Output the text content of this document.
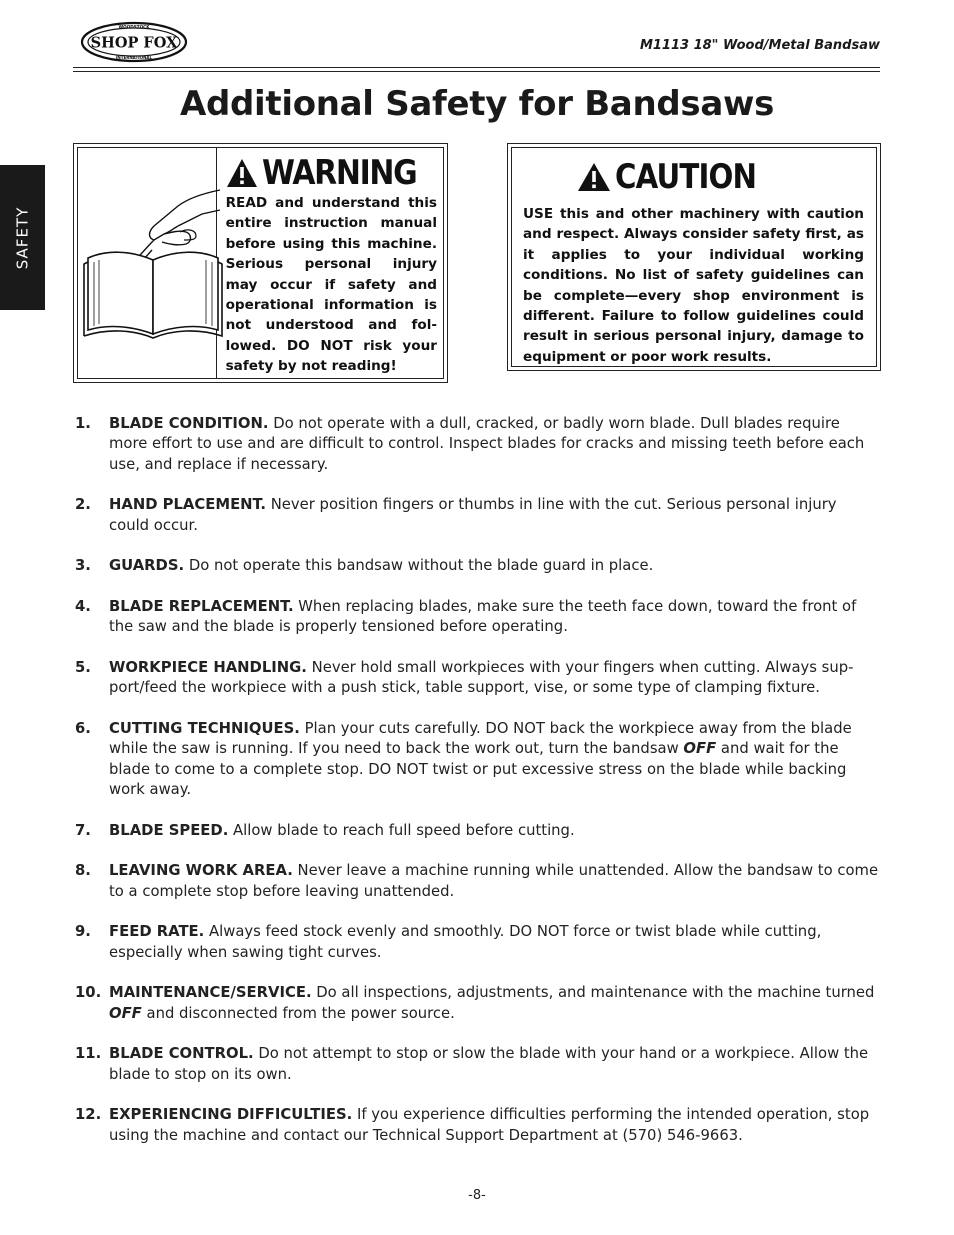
SHOP FOX
WOODSTOCK
INTERNATIONAL
M1113 18" Wood/Metal Bandsaw
SAFETY
Additional Safety for Bandsaws
WARNING
READ and understand this entire instruction manual before using this machine. Serious personal injury may occur if safety and operational information is not understood and fol-lowed. DO NOT risk your safety by not reading!
CAUTION
USE this and other machinery with caution and respect. Always consider safety first, as it applies to your individual working conditions. No list of safety guidelines can be complete—every shop environment is different. Failure to follow guidelines could result in serious personal injury, damage to equipment or poor work results.
1. BLADE CONDITION. Do not operate with a dull, cracked, or badly worn blade. Dull blades require more effort to use and are difficult to control. Inspect blades for cracks and missing teeth before each use, and replace if necessary.
2. HAND PLACEMENT. Never position fingers or thumbs in line with the cut. Serious personal injury could occur.
3. GUARDS. Do not operate this bandsaw without the blade guard in place.
4. BLADE REPLACEMENT. When replacing blades, make sure the teeth face down, toward the front of the saw and the blade is properly tensioned before operating.
5. WORKPIECE HANDLING. Never hold small workpieces with your fingers when cutting. Always sup-port/feed the workpiece with a push stick, table support, vise, or some type of clamping fixture.
6. CUTTING TECHNIQUES. Plan your cuts carefully. DO NOT back the workpiece away from the blade while the saw is running. If you need to back the work out, turn the bandsaw OFF and wait for the blade to come to a complete stop. DO NOT twist or put excessive stress on the blade while backing work away.
7. BLADE SPEED. Allow blade to reach full speed before cutting.
8. LEAVING WORK AREA. Never leave a machine running while unattended. Allow the bandsaw to come to a complete stop before leaving unattended.
9. FEED RATE. Always feed stock evenly and smoothly. DO NOT force or twist blade while cutting, especially when sawing tight curves.
10. MAINTENANCE/SERVICE. Do all inspections, adjustments, and maintenance with the machine turned OFF and disconnected from the power source.
11. BLADE CONTROL. Do not attempt to stop or slow the blade with your hand or a workpiece. Allow the blade to stop on its own.
12. EXPERIENCING DIFFICULTIES. If you experience difficulties performing the intended operation, stop using the machine and contact our Technical Support Department at (570) 546-9663.
-8-
